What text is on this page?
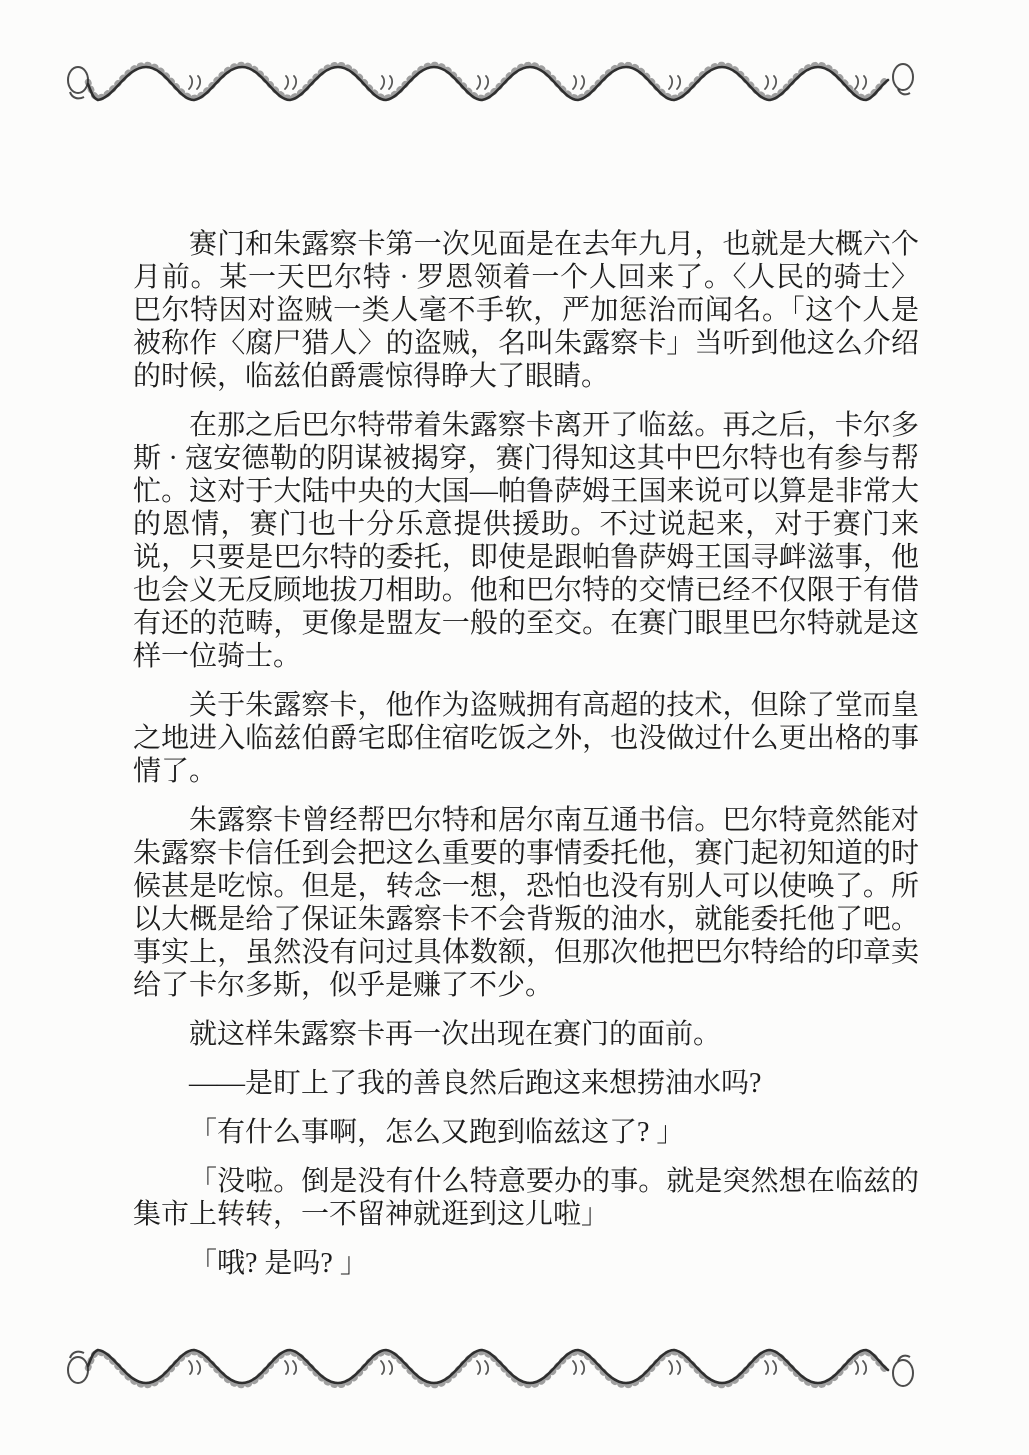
赛门和朱露察卡第一次见面是在去年九月，也就是大概六个月前。某一天巴尔特 · 罗恩领着一个人回来了。〈人民的骑士〉巴尔特因对盗贼一类人毫不手软，严加惩治而闻名。「这个人是被称作〈腐尸猎人〉的盗贼，名叫朱露察卡」当听到他这么介绍的时候，临兹伯爵震惊得睁大了眼睛。

在那之后巴尔特带着朱露察卡离开了临兹。再之后，卡尔多斯 · 寇安德勒的阴谋被揭穿，赛门得知这其中巴尔特也有参与帮忙。这对于大陆中央的大国—帕鲁萨姆王国来说可以算是非常大的恩情，赛门也十分乐意提供援助。不过说起来，对于赛门来说，只要是巴尔特的委托，即使是跟帕鲁萨姆王国寻衅滋事，他也会义无反顾地拔刀相助。他和巴尔特的交情已经不仅限于有借有还的范畴，更像是盟友一般的至交。在赛门眼里巴尔特就是这样一位骑士。

关于朱露察卡，他作为盗贼拥有高超的技术，但除了堂而皇之地进入临兹伯爵宅邸住宿吃饭之外，也没做过什么更出格的事情了。

朱露察卡曾经帮巴尔特和居尔南互通书信。巴尔特竟然能对朱露察卡信任到会把这么重要的事情委托他，赛门起初知道的时候甚是吃惊。但是，转念一想，恐怕也没有别人可以使唤了。所以大概是给了保证朱露察卡不会背叛的油水，就能委托他了吧。事实上，虽然没有问过具体数额，但那次他把巴尔特给的印章卖给了卡尔多斯，似乎是赚了不少。

就这样朱露察卡再一次出现在赛门的面前。

——是盯上了我的善良然后跑这来想捞油水吗?

「有什么事啊，怎么又跑到临兹这了? 」

「没啦。倒是没有什么特意要办的事。就是突然想在临兹的集市上转转，一不留神就逛到这儿啦」

「哦? 是吗? 」
